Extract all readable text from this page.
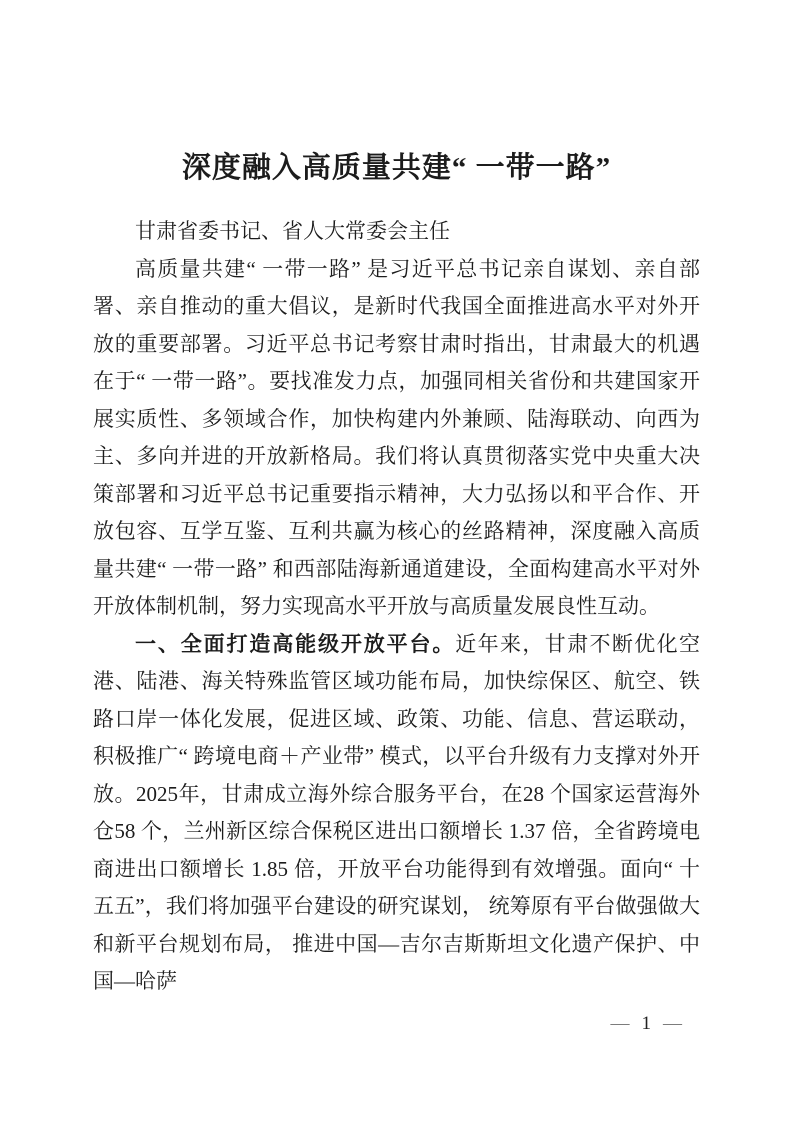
深度融入高质量共建“ 一带一路”

甘肃省委书记、省人大常委会主任

高质量共建“ 一带一路” 是习近平总书记亲自谋划、亲自部署、亲自推动的重大倡议，是新时代我国全面推进高水平对外开放的重要部署。习近平总书记考察甘肃时指出，甘肃最大的机遇在于“ 一带一路”。要找准发力点，加强同相关省份和共建国家开展实质性、多领域合作，加快构建内外兼顾、陆海联动、向西为主、多向并进的开放新格局。我们将认真贯彻落实党中央重大决策部署和习近平总书记重要指示精神，大力弘扬以和平合作、开放包容、互学互鉴、互利共赢为核心的丝路精神，深度融入高质量共建“ 一带一路” 和西部陆海新通道建设，全面构建高水平对外开放体制机制，努力实现高水平开放与高质量发展良性互动。

一、全面打造高能级开放平台。近年来，甘肃不断优化空港、陆港、海关特殊监管区域功能布局，加快综保区、航空、铁路口岸一体化发展，促进区域、政策、功能、信息、营运联动，积极推广“ 跨境电商＋产业带” 模式，以平台升级有力支撑对外开放。2025年，甘肃成立海外综合服务平台，在28 个国家运营海外仓58 个，兰州新区综合保税区进出口额增长 1.37 倍，全省跨境电商进出口额增长 1.85 倍，开放平台功能得到有效增强。面向“ 十五五”，我们将加强平台建设的研究谋划， 统筹原有平台做强做大和新平台规划布局， 推进中国—吉尔吉斯斯坦文化遗产保护、中国—哈萨

— 1 —
